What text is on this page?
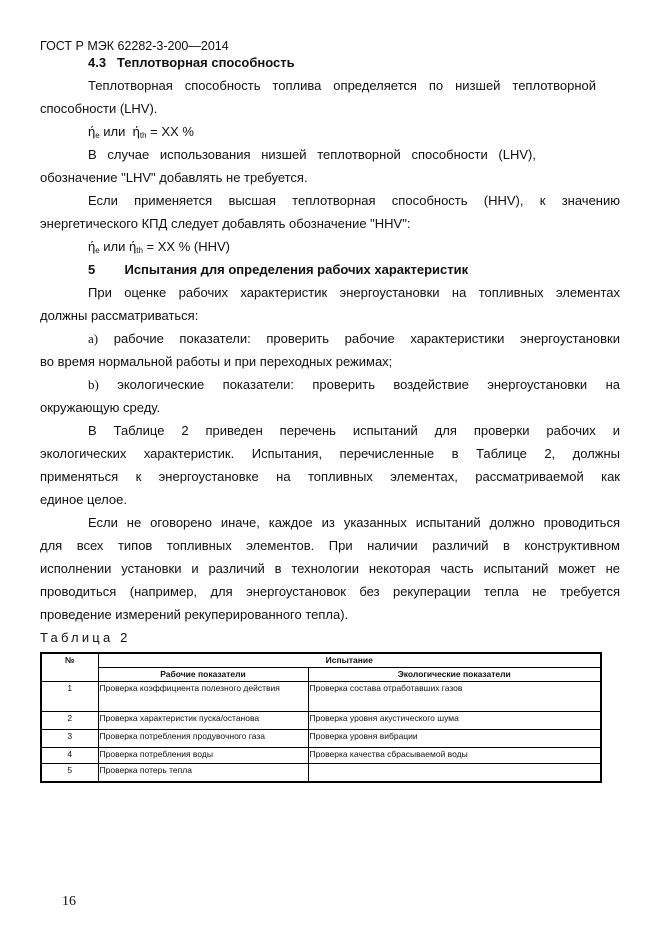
ГОСТ Р МЭК 62282-3-200—2014
4.3 Теплотворная способность
Теплотворная способность топлива определяется по низшей теплотворной
способности (LHV).
$ή_e$ или  $ή_{th}$ = XX %
В случае использования низшей теплотворной способности (LHV),
обозначение "LHV" добавлять не требуется.
Если применяется высшая теплотворная способность (HHV), к значению
энергетического КПД следует добавлять обозначение "HHV":
$ή_e$ или $ή_{th}$ = XX % (HHV)
5 Испытания для определения рабочих характеристик
При оценке рабочих характеристик энергоустановки на топливных элементах
должны рассматриваться:
a) рабочие показатели: проверить рабочие характеристики энергоустановки
во время нормальной работы и при переходных режимах;
b) экологические показатели: проверить воздействие энергоустановки на
окружающую среду.
В Таблице 2 приведен перечень испытаний для проверки рабочих и
экологических характеристик. Испытания, перечисленные в Таблице 2, должны
применяться к энергоустановке на топливных элементах, рассматриваемой как
единое целое.
Если не оговорено иначе, каждое из указанных испытаний должно проводиться
для всех типов топливных элементов. При наличии различий в конструктивном
исполнении установки и различий в технологии некоторая часть испытаний может не
проводиться (например, для энергоустановок без рекуперации тепла не требуется
проведение измерений рекуперированного тепла).
Таблица 2
№	Испытание	
	Рабочие показатели	Экологические показатели
1	Проверка коэффициента полезного действия	Проверка состава отработавших газов
2	Проверка характеристик пуска/останова	Проверка уровня акустического шума
3	Проверка потребления продувочного газа	Проверка уровня вибрации
4	Проверка потребления воды	Проверка качества сбрасываемой воды
5	Проверка потерь тепла	
16
